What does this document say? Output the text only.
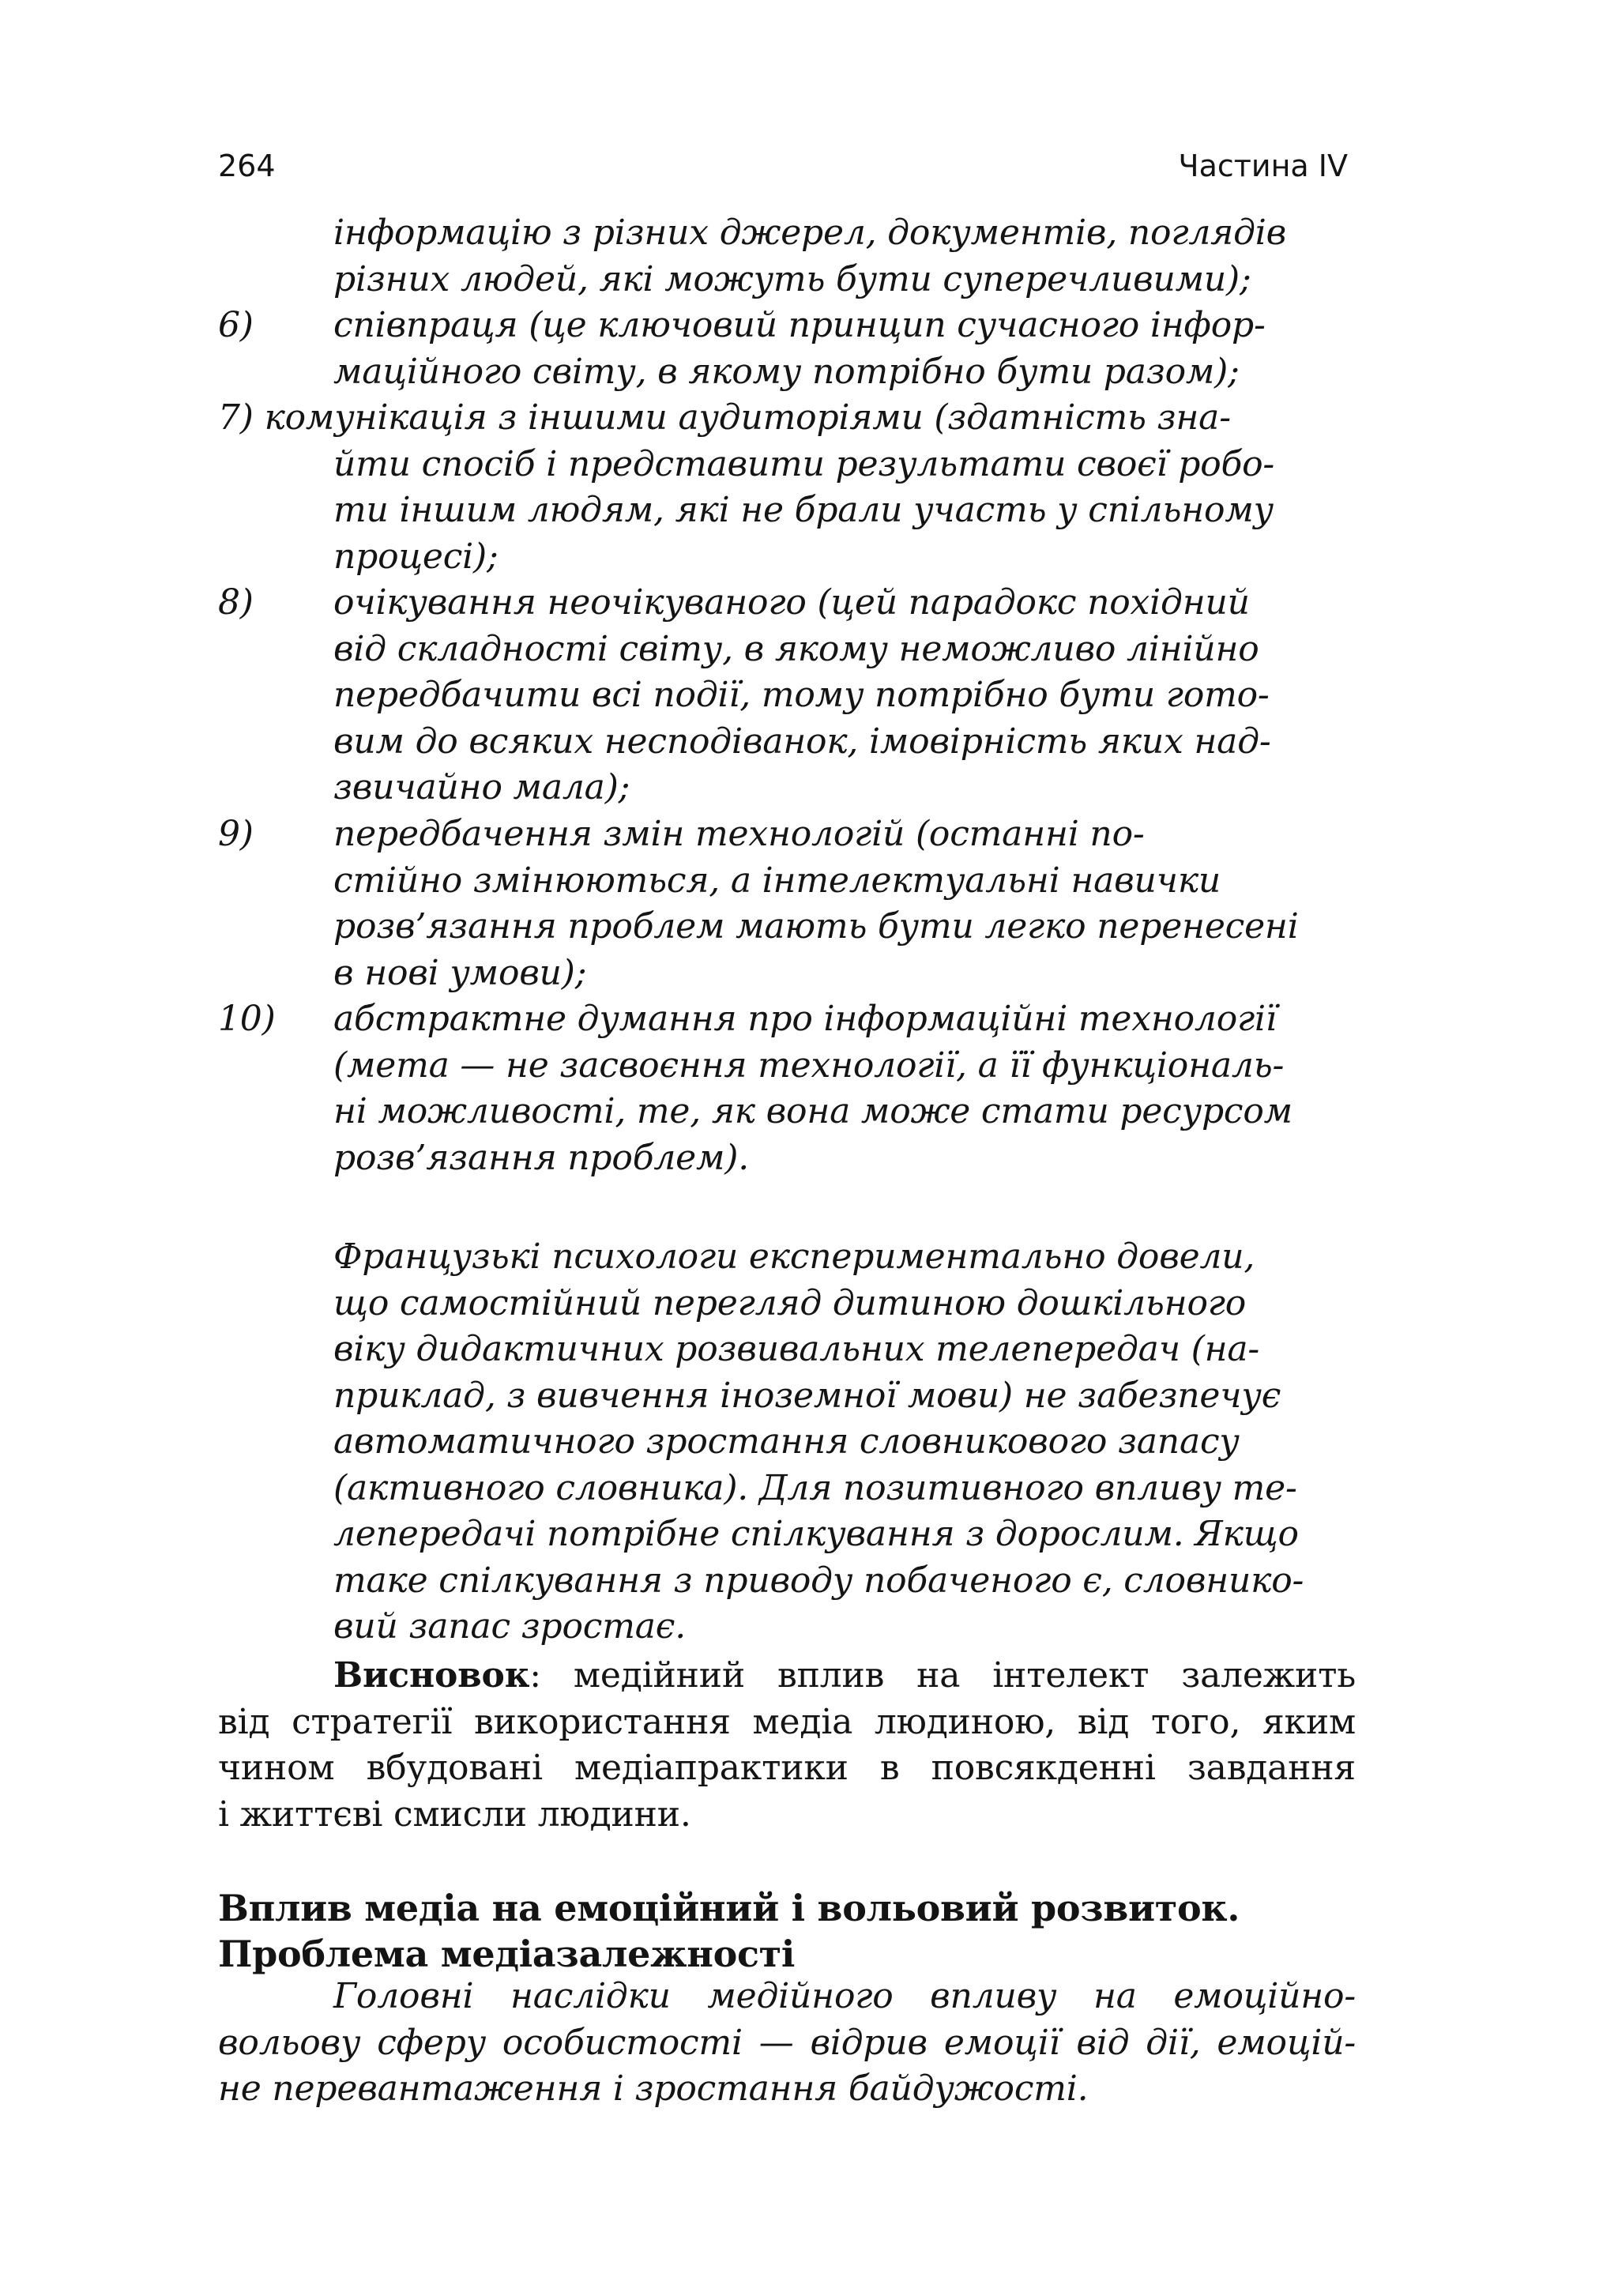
264	Частина IV
інформацію з різних джерел, документів, поглядів
різних людей, які можуть бути суперечливими);
6) співпраця (це ключовий принцип сучасного інфор-
маційного світу, в якому потрібно бути разом);
7) комунікація з іншими аудиторіями (здатність зна-
йти спосіб і представити результати своєї робо-
ти іншим людям, які не брали участь у спільному
процесі);
8) очікування неочікуваного (цей парадокс похідний
від складності світу, в якому неможливо лінійно
передбачити всі події, тому потрібно бути гото-
вим до всяких несподіванок, імовірність яких над-
звичайно мала);
9) передбачення змін технологій (останні по-
стійно змінюються, а інтелектуальні навички
розв’язання проблем мають бути легко перенесені
в нові умови);
10) абстрактне думання про інформаційні технології
(мета — не засвоєння технології, а її функціональ-
ні можливості, те, як вона може стати ресурсом
розв’язання проблем).
Французькі психологи експериментально довели,
що самостійний перегляд дитиною дошкільного
віку дидактичних розвивальних телепередач (на-
приклад, з вивчення іноземної мови) не забезпечує
автоматичного зростання словникового запасу
(активного словника). Для позитивного впливу те-
лепередачі потрібне спілкування з дорослим. Якщо
таке спілкування з приводу побаченого є, словнико-
вий запас зростає.
Висновок: медійний вплив на інтелект залежить
від стратегії використання медіа людиною, від того, яким
чином вбудовані медіапрактики в повсякденні завдання
і життєві смисли людини.
Вплив медіа на емоційний і вольовий розвиток.
Проблема медіазалежності
Головні наслідки медійного впливу на емоційно-
вольову сферу особистості — відрив емоції від дії, емоцій-
не перевантаження і зростання байдужості.
